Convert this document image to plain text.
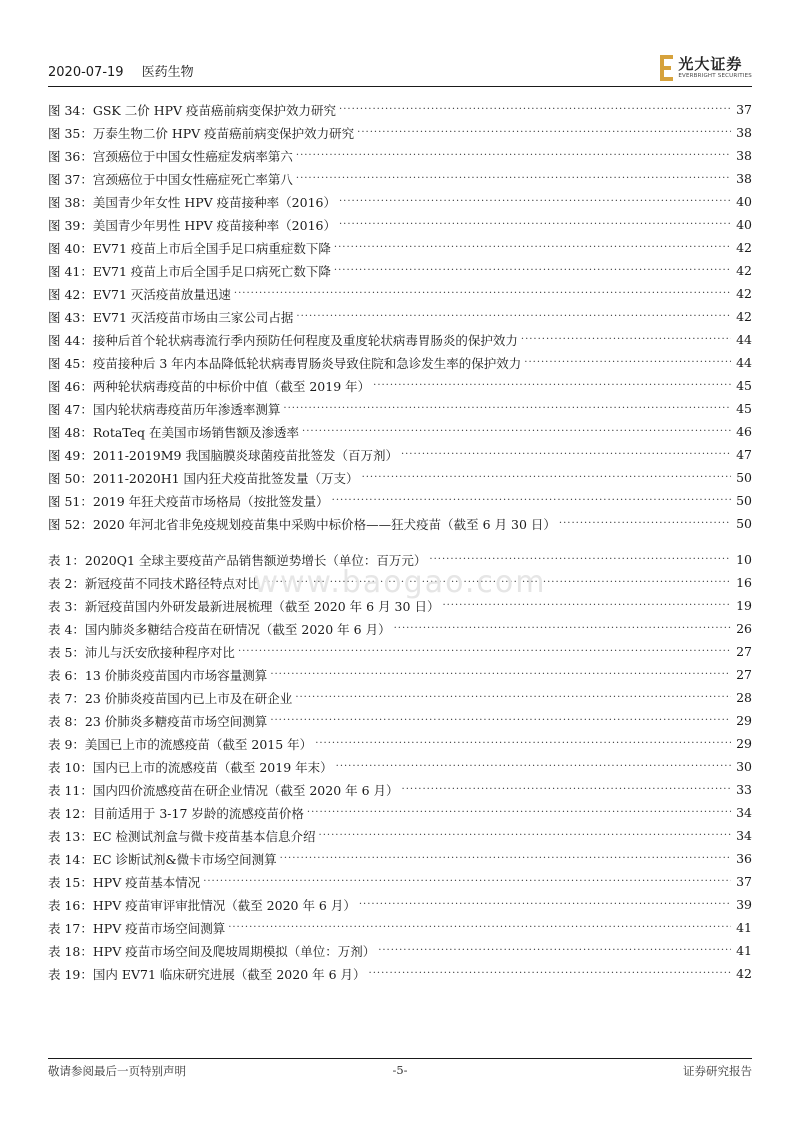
2020-07-19 医药生物	光大证券
EVERBRIGHT SECURITIES
图 34：GSK 二价 HPV 疫苗癌前病变保护效力研究 .....	37
图 35：万泰生物二价 HPV 疫苗癌前病变保护效力研究 .....	38
图 36：宫颈癌位于中国女性癌症发病率第六 .....	38
图 37：宫颈癌位于中国女性癌症死亡率第八 .....	38
图 38：美国青少年女性 HPV 疫苗接种率（2016） .....	40
图 39：美国青少年男性 HPV 疫苗接种率（2016） .....	40
图 40：EV71 疫苗上市后全国手足口病重症数下降 .....	42
图 41：EV71 疫苗上市后全国手足口病死亡数下降 .....	42
图 42：EV71 灭活疫苗放量迅速 .....	42
图 43：EV71 灭活疫苗市场由三家公司占据 .....	42
图 44：接种后首个轮状病毒流行季内预防任何程度及重度轮状病毒胃肠炎的保护效力 .....	44
图 45：疫苗接种后 3 年内本品降低轮状病毒胃肠炎导致住院和急诊发生率的保护效力 .....	44
图 46：两种轮状病毒疫苗的中标价中值（截至 2019 年） .....	45
图 47：国内轮状病毒疫苗历年渗透率测算 .....	45
图 48：RotaTeq 在美国市场销售额及渗透率 .....	46
图 49：2011-2019M9 我国脑膜炎球菌疫苗批签发（百万剂） .....	47
图 50：2011-2020H1 国内狂犬疫苗批签发量（万支） .....	50
图 51：2019 年狂犬疫苗市场格局（按批签发量） .....	50
图 52：2020 年河北省非免疫规划疫苗集中采购中标价格——狂犬疫苗（截至 6 月 30 日） .....	50
表 1：2020Q1 全球主要疫苗产品销售额逆势增长（单位：百万元） .....	10
表 2：新冠疫苗不同技术路径特点对比 .....	16
表 3：新冠疫苗国内外研发最新进展梳理（截至 2020 年 6 月 30 日） .....	19
表 4：国内肺炎多糖结合疫苗在研情况（截至 2020 年 6 月） .....	26
表 5：沛儿与沃安欣接种程序对比 .....	27
表 6：13 价肺炎疫苗国内市场容量测算 .....	27
表 7：23 价肺炎疫苗国内已上市及在研企业 .....	28
表 8：23 价肺炎多糖疫苗市场空间测算 .....	29
表 9：美国已上市的流感疫苗（截至 2015 年） .....	29
表 10：国内已上市的流感疫苗（截至 2019 年末） .....	30
表 11：国内四价流感疫苗在研企业情况（截至 2020 年 6 月） .....	33
表 12：目前适用于 3-17 岁龄的流感疫苗价格 .....	34
表 13：EC 检测试剂盒与微卡疫苗基本信息介绍 .....	34
表 14：EC 诊断试剂&微卡市场空间测算 .....	36
表 15：HPV 疫苗基本情况 .....	37
表 16：HPV 疫苗审评审批情况（截至 2020 年 6 月） .....	39
表 17：HPV 疫苗市场空间测算 .....	41
表 18：HPV 疫苗市场空间及爬坡周期模拟（单位：万剂） .....	41
表 19：国内 EV71 临床研究进展（截至 2020 年 6 月） .....	42
www.baogao.com
敬请参阅最后一页特别声明	-5-	证券研究报告
